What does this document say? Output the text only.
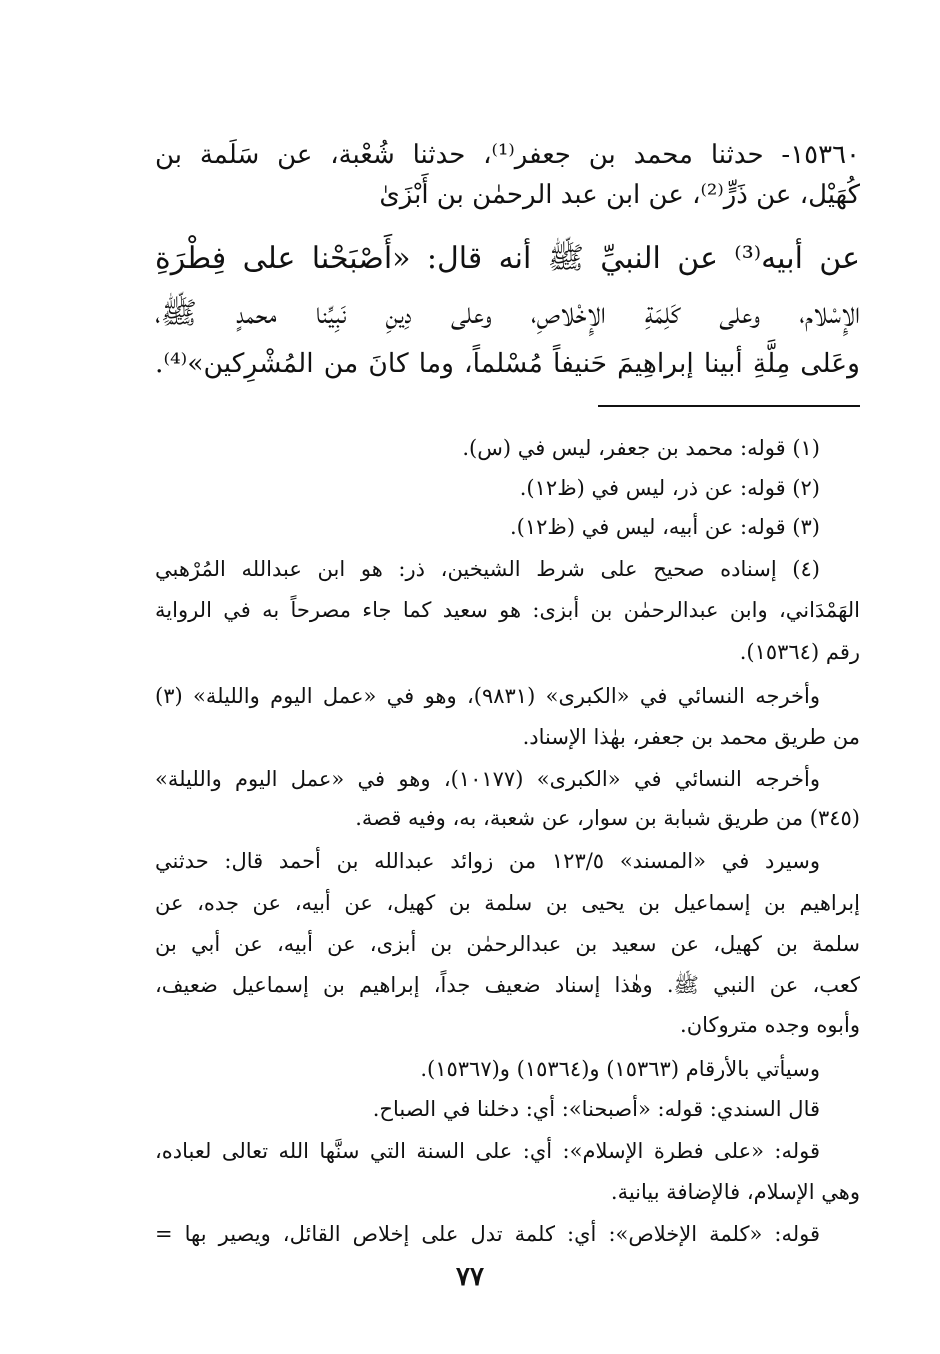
١٥٣٦٠- حدثنا محمد بن جعفر⁽¹⁾، حدثنا شُعْبة، عن سَلَمة بن
كُهَيْل، عن ذَرٍّ⁽²⁾، عن ابن عبد الرحمٰن بن أَبْزَىٰ
عن أبيه⁽³⁾ عن النبيِّ ﷺ أنه قال: «أَصْبَحْنا على فِطْرَةِ
الإِسْلام، وعلى كَلِمَةِ الإِخْلاصِ، وعلى دِينِ نَبِيِّنا محمدٍ ﷺ،
وعَلى مِلَّةِ أبينا إبراهِيمَ حَنيفاً مُسْلماً، وما كانَ من المُشْرِكين»⁽⁴⁾.
(١) قوله: محمد بن جعفر، ليس في (س).
(٢) قوله: عن ذر، ليس في (ظ١٢).
(٣) قوله: عن أبيه، ليس في (ظ١٢).
(٤) إسناده صحيح على شرط الشيخين، ذر: هو ابن عبدالله المُرْهبي
الهَمْدَاني، وابن عبدالرحمٰن بن أبزى: هو سعيد كما جاء مصرحاً به في الرواية
رقم (١٥٣٦٤).
وأخرجه النسائي في «الكبرى» (٩٨٣١)، وهو في «عمل اليوم والليلة» (٣)
من طريق محمد بن جعفر، بهٰذا الإسناد.
وأخرجه النسائي في «الكبرى» (١٠١٧٧)، وهو في «عمل اليوم والليلة»
(٣٤٥) من طريق شبابة بن سوار، عن شعبة، به، وفيه قصة.
وسيرد في «المسند» ١٢٣/٥ من زوائد عبدالله بن أحمد قال: حدثني
إبراهيم بن إسماعيل بن يحيى بن سلمة بن كهيل، عن أبيه، عن جده، عن
سلمة بن كهيل، عن سعيد بن عبدالرحمٰن بن أبزى، عن أبيه، عن أبي بن
كعب، عن النبي ﷺ. وهٰذا إسناد ضعيف جداً، إبراهيم بن إسماعيل ضعيف،
وأبوه وجده متروكان.
وسيأتي بالأرقام (١٥٣٦٣) و(١٥٣٦٤) و(١٥٣٦٧).
قال السندي: قوله: «أصبحنا»: أي: دخلنا في الصباح.
قوله: «على فطرة الإسلام»: أي: على السنة التي سنَّها الله تعالى لعباده،
وهي الإسلام، فالإضافة بيانية.
قوله: «كلمة الإخلاص»: أي: كلمة تدل على إخلاص القائل، ويصير بها =
٧٧
